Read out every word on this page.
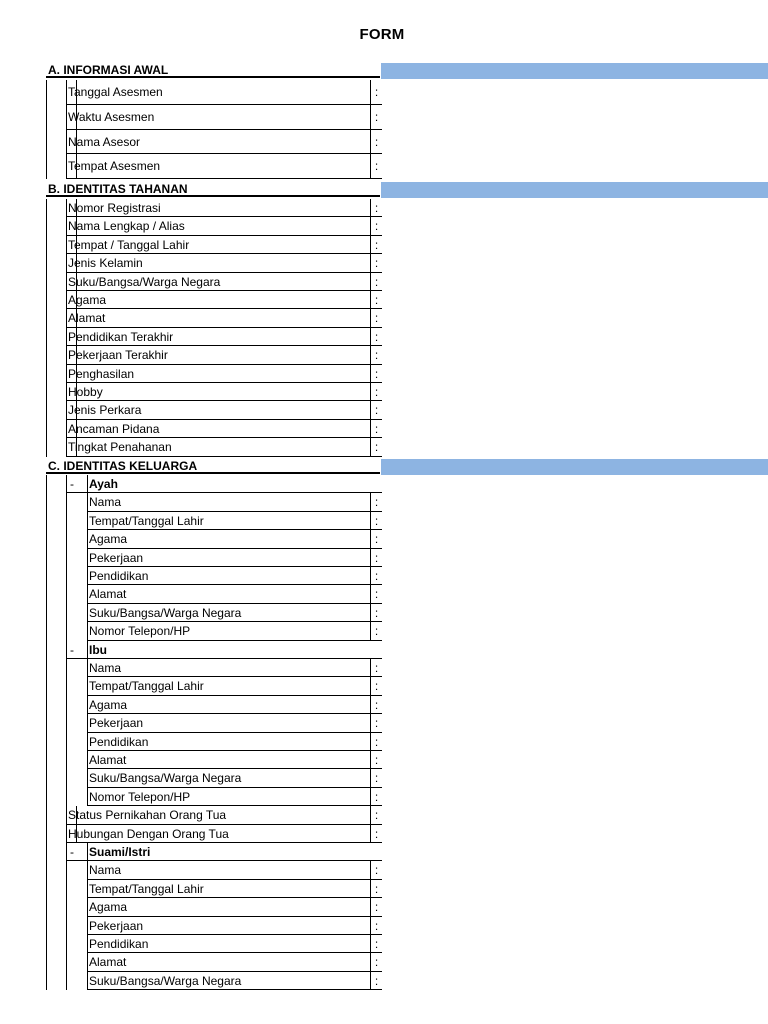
FORM
A. INFORMASI AWAL
Tanggal Asesmen	:
Waktu Asesmen	:
Nama Asesor	:
Tempat Asesmen	:
B. IDENTITAS TAHANAN
Nomor Registrasi	:
Nama Lengkap / Alias	:
Tempat / Tanggal Lahir	:
Jenis Kelamin	:
Suku/Bangsa/Warga Negara	:
Agama	:
Alamat	:
Pendidikan Terakhir	:
Pekerjaan Terakhir	:
Penghasilan	:
Hobby	:
Jenis Perkara	:
Ancaman Pidana	:
Tingkat Penahanan	:
C. IDENTITAS KELUARGA
- Ayah
Nama	:
Tempat/Tanggal Lahir	:
Agama	:
Pekerjaan	:
Pendidikan	:
Alamat	:
Suku/Bangsa/Warga Negara	:
Nomor Telepon/HP	:
- Ibu
Nama	:
Tempat/Tanggal Lahir	:
Agama	:
Pekerjaan	:
Pendidikan	:
Alamat	:
Suku/Bangsa/Warga Negara	:
Nomor Telepon/HP	:
Status Pernikahan Orang Tua	:
Hubungan Dengan Orang Tua	:
- Suami/Istri
Nama	:
Tempat/Tanggal Lahir	:
Agama	:
Pekerjaan	:
Pendidikan	:
Alamat	:
Suku/Bangsa/Warga Negara	:
